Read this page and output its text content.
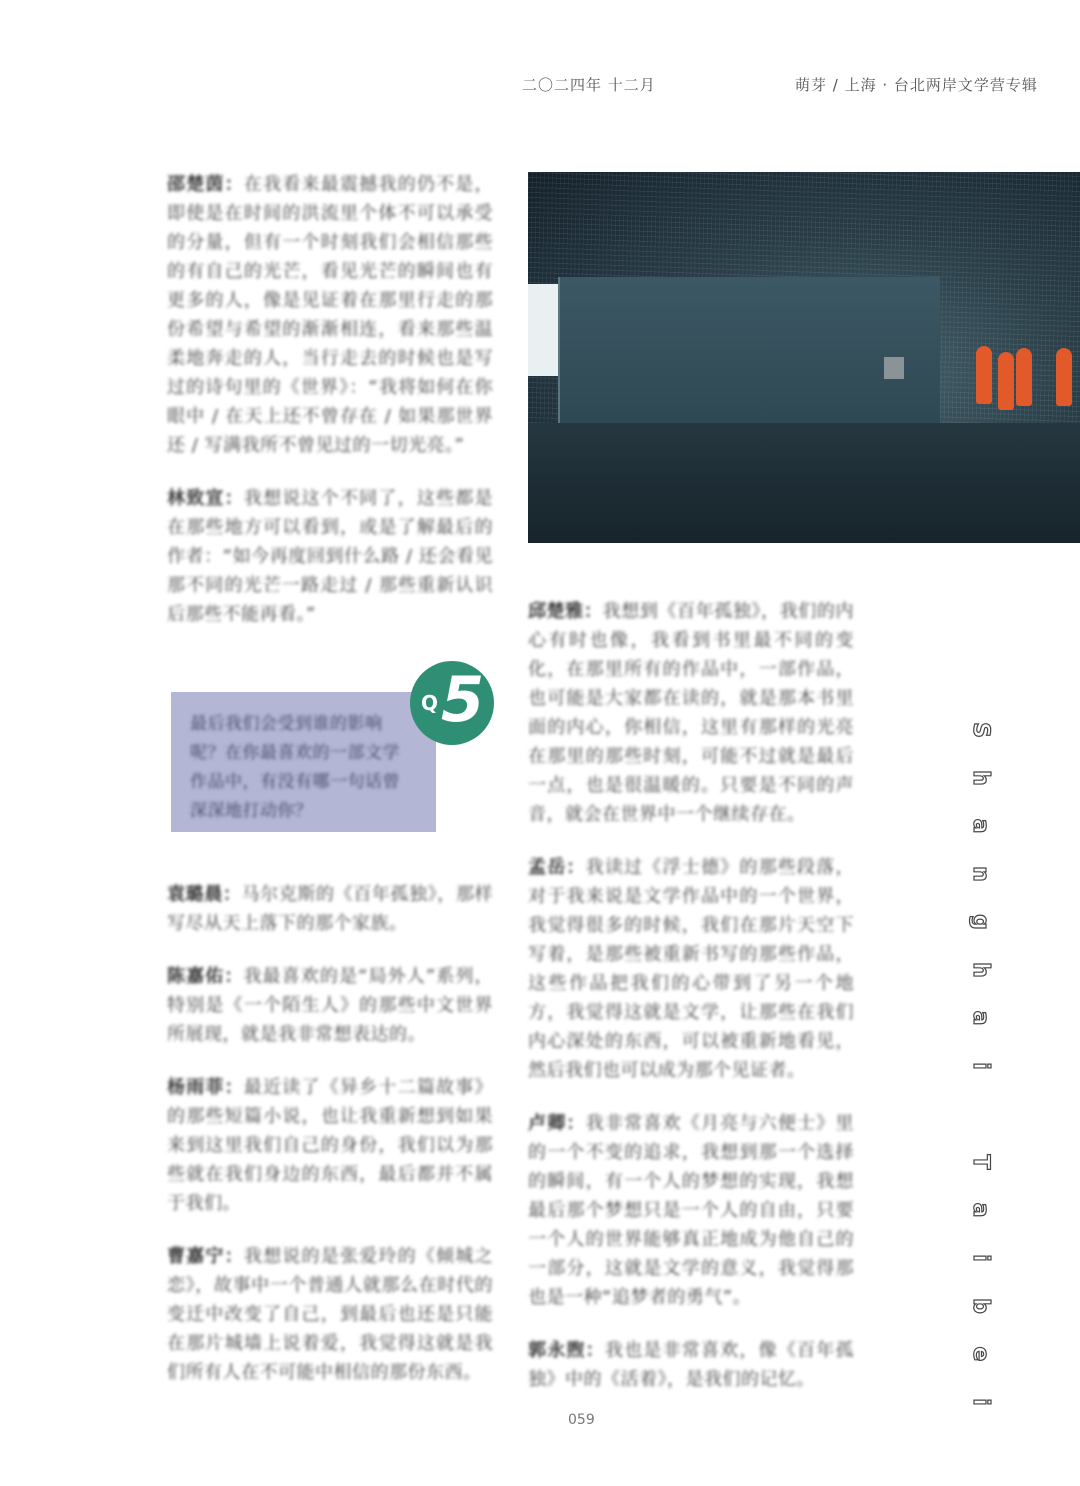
二〇二四年 十二月	萌芽 / 上海 · 台北两岸文学营专辑

邵楚茵：在我看来最震撼我的仍不是，即使是在时间的洪流里个体不可以承受的分量，但有一个时刻我们会相信那些的有自己的光芒，看见光芒的瞬间也有更多的人，像是见证着在那里行走的那份希望与希望的渐渐相连，看来那些温柔地奔走的人，当行走去的时候也是写过的诗句里的《世界》：“我将如何在你眼中 / 在天上还不曾存在 / 如果那世界还 / 写满我所不曾见过的一切光亮。”

林致宣：我想说这个不同了，这些都是在那些地方可以看到，或是了解最后的作者：“如今再度回到什么路 / 还会看见那不同的光芒一路走过 / 那些重新认识后那些不能再看。”

最后我们会受到谁的影响呢？在你最喜欢的一部文学作品中，有没有哪一句话曾深深地打动你？
Q 5

袁璐晨：马尔克斯的《百年孤独》，那样写尽从天上落下的那个家族。

陈嘉佑：我最喜欢的是“局外人”系列，特别是《一个陌生人》的那些中文世界所展现，就是我非常想表达的。

杨雨菲：最近读了《异乡十二篇故事》的那些短篇小说，也让我重新想到如果来到这里我们自己的身份，我们以为那些就在我们身边的东西，最后都并不属于我们。

曹嘉宁：我想说的是张爱玲的《倾城之恋》，故事中一个普通人就那么在时代的变迁中改变了自己，到最后也还是只能在那片城墙上说着爱，我觉得这就是我们所有人在不可能中相信的那份东西。

邱楚雅：我想到《百年孤独》，我们的内心有时也像，我看到书里最不同的变化，在那里所有的作品中，一部作品，也可能是大家都在读的，就是那本书里面的内心，你相信，这里有那样的光亮在那里的那些时刻，可能不过就是最后一点，也是很温暖的。只要是不同的声音，就会在世界中一个继续存在。

孟岳：我读过《浮士德》的那些段落，对于我来说是文学作品中的一个世界，我觉得很多的时候，我们在那片天空下写着，是那些被重新书写的那些作品，这些作品把我们的心带到了另一个地方，我觉得这就是文学，让那些在我们内心深处的东西，可以被重新地看见，然后我们也可以成为那个见证者。

卢卿：我非常喜欢《月亮与六便士》里的一个不变的追求，我想到那一个选择的瞬间，有一个人的梦想的实现，我想最后那个梦想只是一个人的自由，只要一个人的世界能够真正地成为他自己的一部分，这就是文学的意义，我觉得那也是一种“追梦者的勇气”。

郭永煦：我也是非常喜欢，像《百年孤独》中的《活着》，是我们的记忆。

S
h
a
n
g
h
a
i
T
a
i
b
e
i
059
